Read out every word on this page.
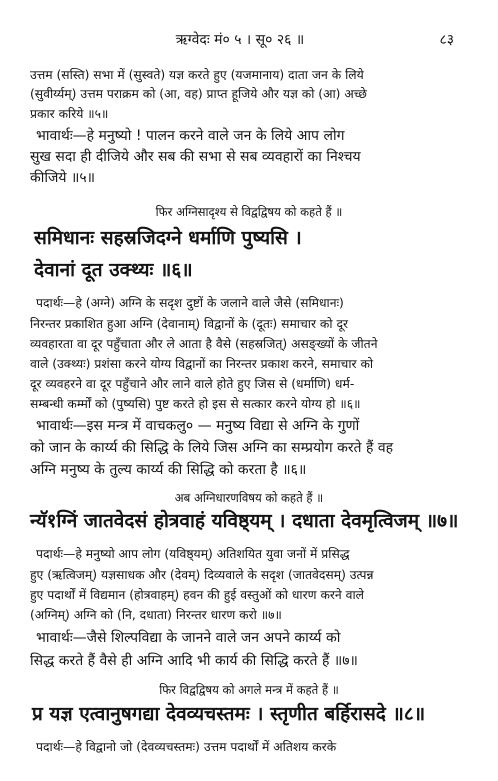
ऋग्वेदः मं० ५ । सू० २६ ॥	८३
उत्तम (सस्ति) सभा में (सुस्वते) यज्ञ करते हुए (यजमानाय) दाता जन के लिये
(सुवीर्य्यम्) उत्तम पराक्रम को (आ, वह) प्राप्त हूजिये और यज्ञ को (आ) अच्छे
प्रकार करिये ॥५॥
भावार्थः—हे मनुष्यो ! पालन करने वाले जन के लिये आप लोग
सुख सदा ही दीजिये और सब की सभा से सब व्यवहारों का निश्चय
कीजिये ॥५॥
फिर अग्निसादृश्य से विद्वद्विषय को कहते हैं ॥
समिधानः सहस्रजिदग्ने धर्माणि पुष्यसि ।
देवानां दूत उक्थ्यः ॥६॥
पदार्थः—हे (अग्ने) अग्नि के सदृश दुष्टों के जलाने वाले जैसे (समिधानः)
निरन्तर प्रकाशित हुआ अग्नि (देवानाम्) विद्वानों के (दूतः) समाचार को दूर
व्यवहारता वा दूर पहुँचाता और ले आता है वैसे (सहस्रजित्) असङ्ख्यों के जीतने
वाले (उक्थ्यः) प्रशंसा करने योग्य विद्वानों का निरन्तर प्रकाश करने, समाचार को
दूर व्यवहरने वा दूर पहुँचाने और लाने वाले होते हुए जिस से (धर्माणि) धर्म-
सम्बन्धी कर्म्मों को (पुष्यसि) पुष्ट करते हो इस से सत्कार करने योग्य हो ॥६॥
भावार्थः—इस मन्त्र में वाचकलु० — मनुष्य विद्या से अग्नि के गुणों
को जान के कार्य्य की सिद्धि के लिये जिस अग्नि का सम्प्रयोग करते हैं वह
अग्नि मनुष्य के तुल्य कार्य्य की सिद्धि को करता है ॥६॥
अब अग्निधारणविषय को कहते हैं ॥
न्यॅ१ग्निं जातवेदसं होत्रवाहं यविष्ठ्यम् । दधाता देवमृत्विजम् ॥७॥
पदार्थः—हे मनुष्यो आप लोग (यविष्ठ्यम्) अतिशयित युवा जनों में प्रसिद्ध
हुए (ऋत्विजम्) यज्ञसाधक और (देवम्) दिव्यवाले के सदृश (जातवेदसम्) उत्पन्न
हुए पदार्थों में विद्यमान (होत्रवाहम्) हवन की हुई वस्तुओं को धारण करने वाले
(अग्निम्) अग्नि को (नि, दधाता) निरन्तर धारण करो ॥७॥
भावार्थः—जैसे शिल्पविद्या के जानने वाले जन अपने कार्य्य को
सिद्ध करते हैं वैसे ही अग्नि आदि भी कार्य की सिद्धि करते हैं ॥७॥
फिर विद्वद्विषय को अगले मन्त्र में कहते हैं ॥
प्र यज्ञ एत्वानुषगद्या देवव्यचस्तमः । स्तृणीत बर्हिरासदे ॥८॥
पदार्थः—हे विद्वानो जो (देवव्यचस्तमः) उत्तम पदार्थों में अतिशय करके
